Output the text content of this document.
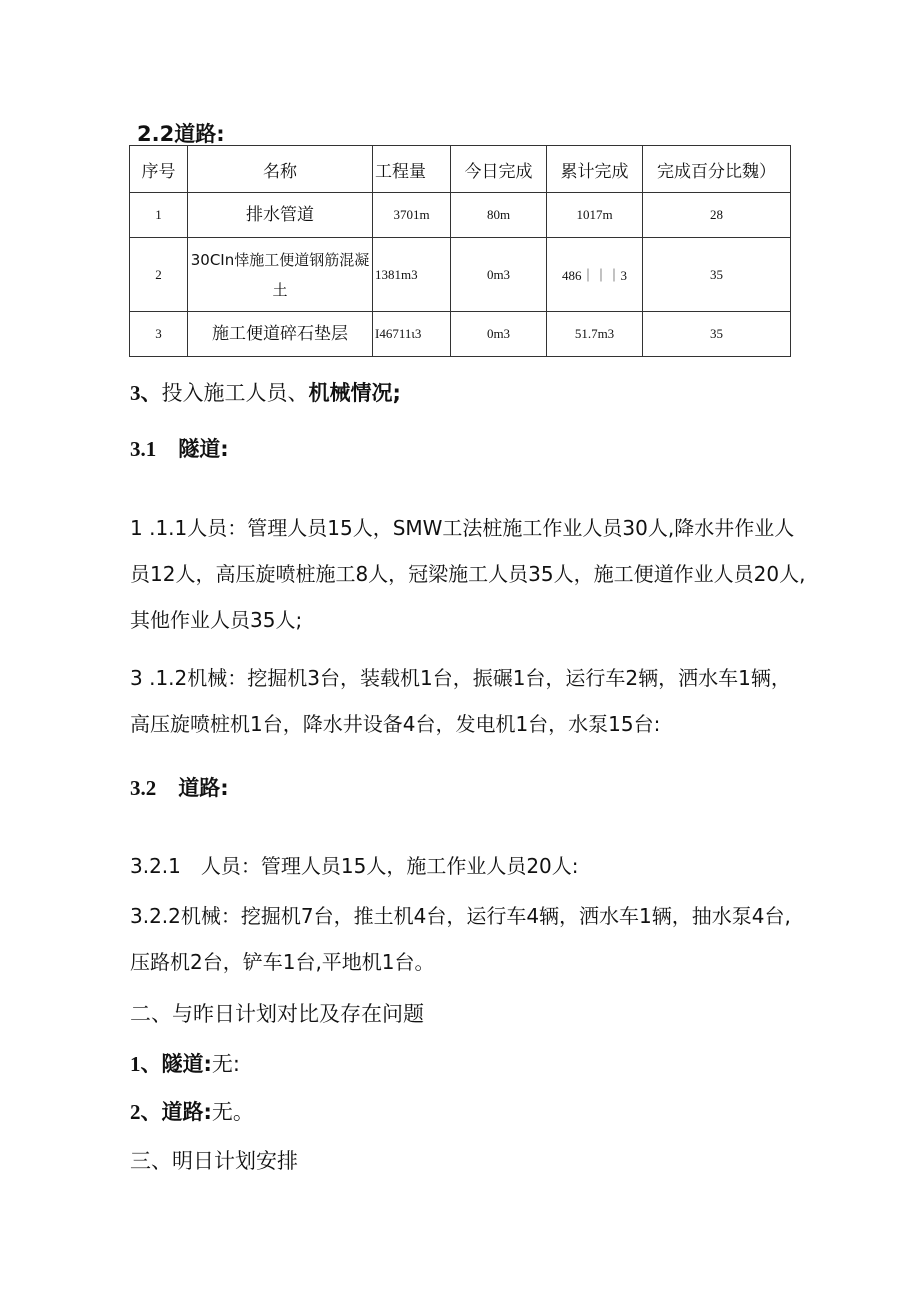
2.2道路:
序号	名称	工程量	今日完成	累计完成	完成百分比魏）
1	排水管道	3701m	80m	1017m	28
2	30CIn悻施工便道钢筋混凝土	1381m3	0m3	486｜｜｜3	35
3	施工便道碎石垫层	I46711ι3	0m3	51.7m3	35
3、投入施工人员、机械情况;
3.1 隧道:
1 .1.1人员：管理人员15人，SMW工法桩施工作业人员30人,降水井作业人员12人，高压旋喷桩施工8人，冠梁施工人员35人，施工便道作业人员20人,其他作业人员35人;
3 .1.2机械：挖掘机3台，装载机1台，振碾1台，运行车2辆，洒水车1辆，高压旋喷桩机1台，降水井设备4台，发电机1台，水泵15台:
3.2 道路:
3.2.1　人员：管理人员15人，施工作业人员20人:
3.2.2机械：挖掘机7台，推土机4台，运行车4辆，洒水车1辆，抽水泵4台,压路机2台，铲车1台,平地机1台。
二、与昨日计划对比及存在问题
1、隧道:无:
2、道路:无。
三、明日计划安排
